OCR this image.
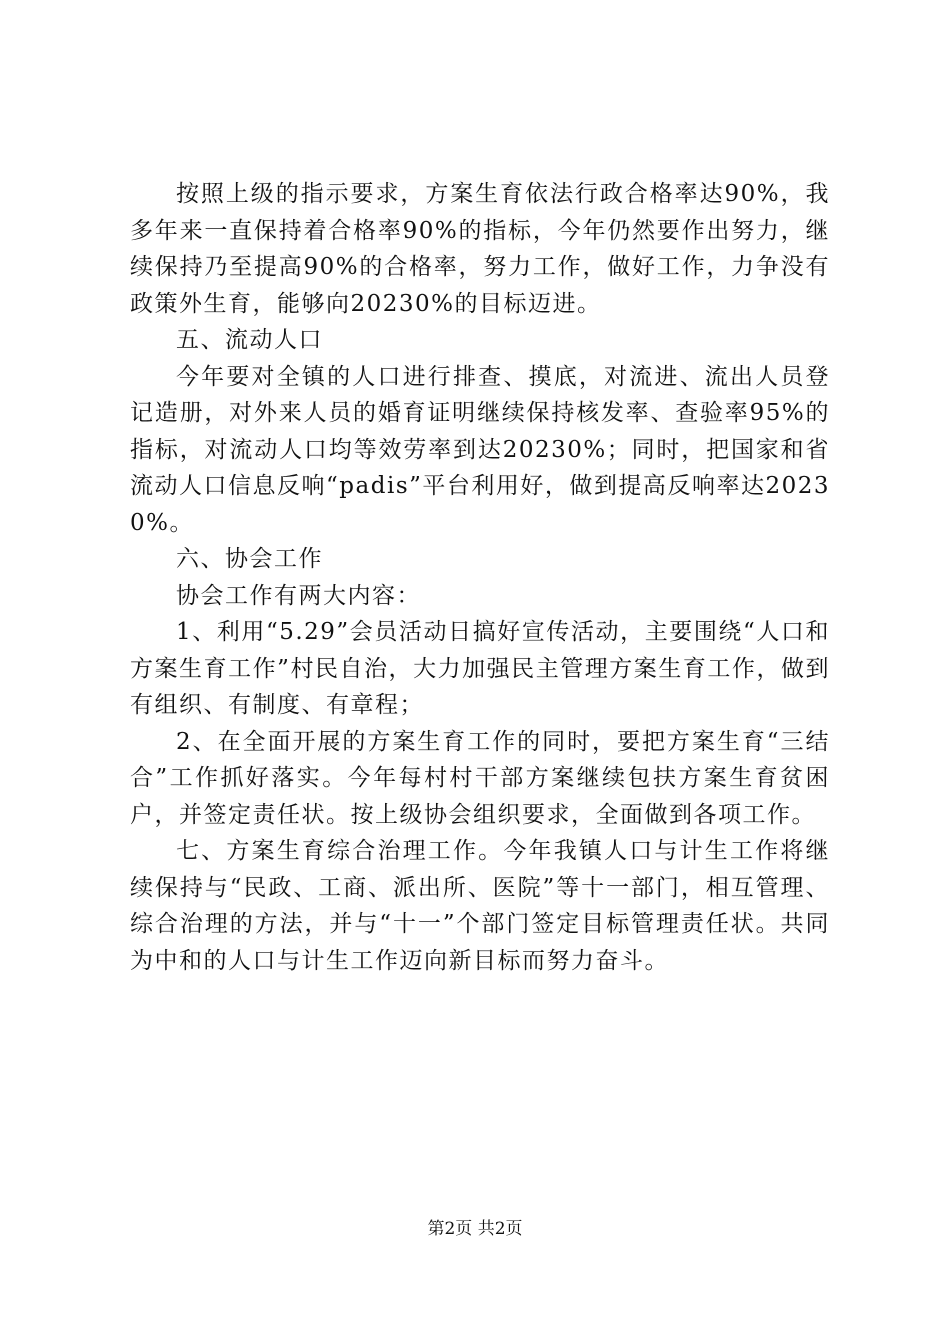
按照上级的指示要求，方案生育依法行政合格率达90%，我多年来一直保持着合格率90%的指标，今年仍然要作出努力，继续保持乃至提高90%的合格率，努力工作，做好工作，力争没有政策外生育，能够向20230%的目标迈进。

五、流动人口

今年要对全镇的人口进行排查、摸底，对流进、流出人员登记造册，对外来人员的婚育证明继续保持核发率、查验率95%的指标，对流动人口均等效劳率到达20230%；同时，把国家和省流动人口信息反响“padis”平台利用好，做到提高反响率达20230%。

六、协会工作

协会工作有两大内容：

1、利用“5.29”会员活动日搞好宣传活动，主要围绕“人口和方案生育工作”村民自治，大力加强民主管理方案生育工作，做到有组织、有制度、有章程；

2、在全面开展的方案生育工作的同时，要把方案生育“三结合”工作抓好落实。今年每村村干部方案继续包扶方案生育贫困户，并签定责任状。按上级协会组织要求，全面做到各项工作。

七、方案生育综合治理工作。今年我镇人口与计生工作将继续保持与“民政、工商、派出所、医院”等十一部门，相互管理、综合治理的方法，并与“十一”个部门签定目标管理责任状。共同为中和的人口与计生工作迈向新目标而努力奋斗。

第2页 共2页
